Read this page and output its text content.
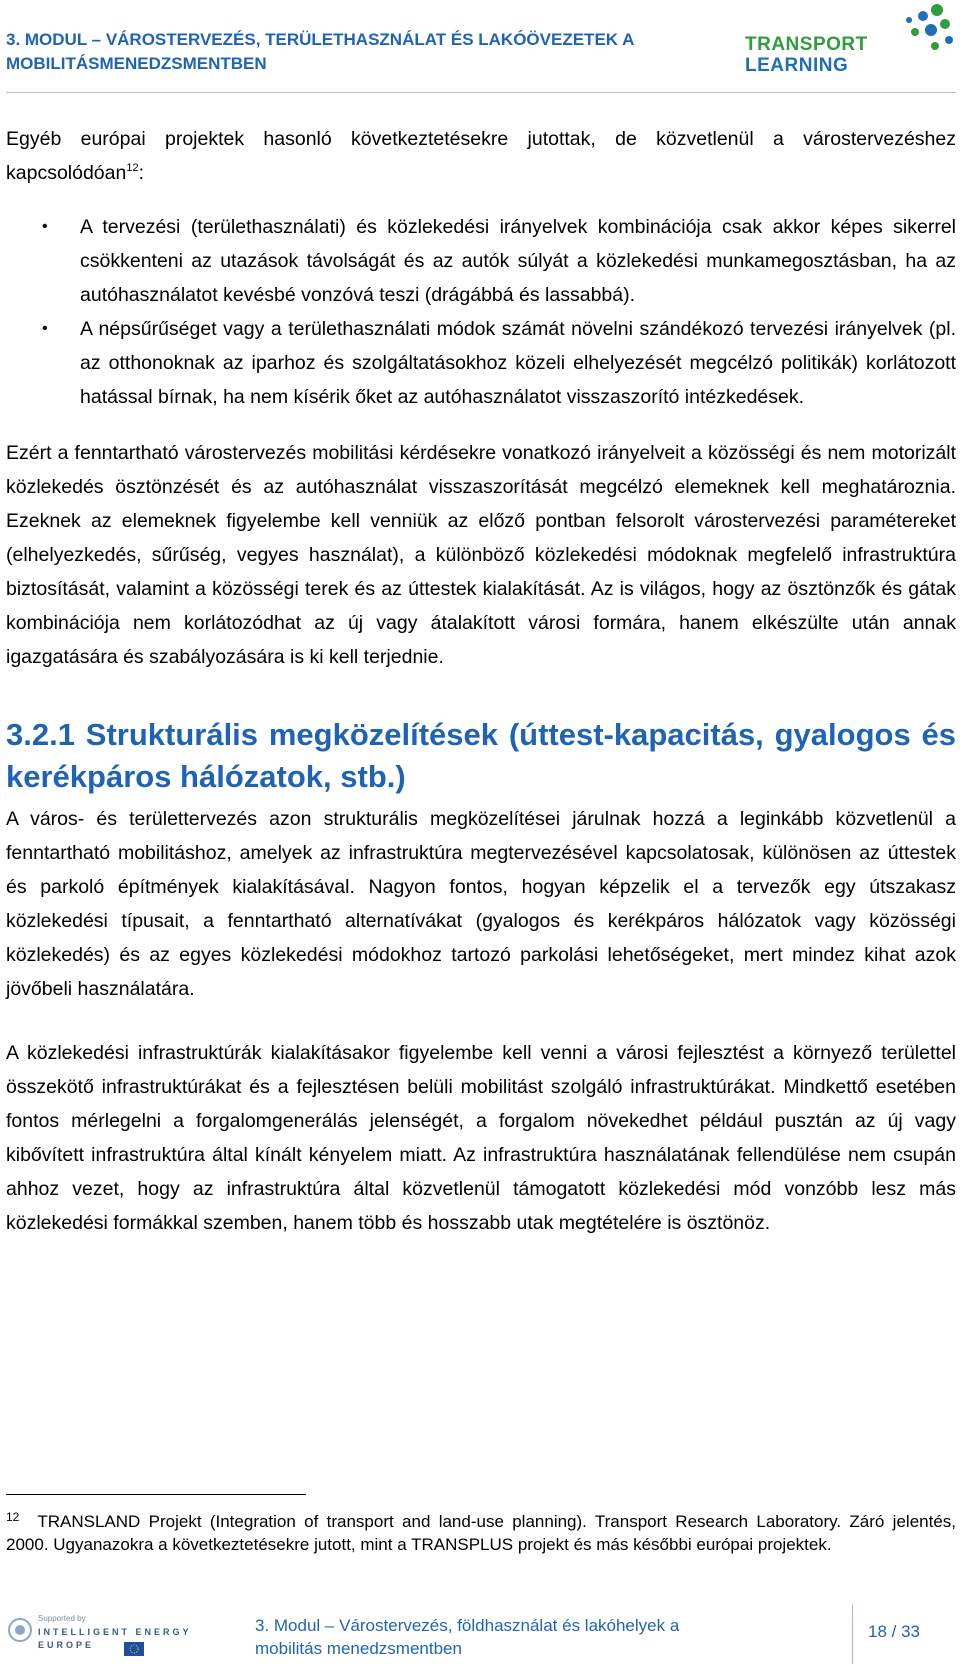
3. MODUL – VÁROSTERVEZÉS, TERÜLETHASZNÁLAT ÉS LAKÓÖVEZETEK A
MOBILITÁSMENEDZSMENTBEN
TRANSPORT
LEARNING

Egyéb európai projektek hasonló következtetésekre jutottak, de közvetlenül a várostervezéshez kapcsolódóan$^{12}$:

• A tervezési (területhasználati) és közlekedési irányelvek kombinációja csak akkor képes sikerrel csökkenteni az utazások távolságát és az autók súlyát a közlekedési munkamegosztásban, ha az autóhasználatot kevésbé vonzóvá teszi (drágábbá és lassabbá).
• A népsűrűséget vagy a területhasználati módok számát növelni szándékozó tervezési irányelvek (pl. az otthonoknak az iparhoz és szolgáltatásokhoz közeli elhelyezését megcélzó politikák) korlátozott hatással bírnak, ha nem kísérik őket az autóhasználatot visszaszorító intézkedések.

Ezért a fenntartható várostervezés mobilitási kérdésekre vonatkozó irányelveit a közösségi és nem motorizált közlekedés ösztönzését és az autóhasználat visszaszorítását megcélzó elemeknek kell meghatároznia. Ezeknek az elemeknek figyelembe kell venniük az előző pontban felsorolt várostervezési paramétereket (elhelyezkedés, sűrűség, vegyes használat), a különböző közlekedési módoknak megfelelő infrastruktúra biztosítását, valamint a közösségi terek és az úttestek kialakítását. Az is világos, hogy az ösztönzők és gátak kombinációja nem korlátozódhat az új vagy átalakított városi formára, hanem elkészülte után annak igazgatására és szabályozására is ki kell terjednie.

3.2.1 Strukturális megközelítések (úttest-kapacitás, gyalogos és kerékpáros hálózatok, stb.)

A város- és területtervezés azon strukturális megközelítései járulnak hozzá a leginkább közvetlenül a fenntartható mobilitáshoz, amelyek az infrastruktúra megtervezésével kapcsolatosak, különösen az úttestek és parkoló építmények kialakításával. Nagyon fontos, hogyan képzelik el a tervezők egy útszakasz közlekedési típusait, a fenntartható alternatívákat (gyalogos és kerékpáros hálózatok vagy közösségi közlekedés) és az egyes közlekedési módokhoz tartozó parkolási lehetőségeket, mert mindez kihat azok jövőbeli használatára.

A közlekedési infrastruktúrák kialakításakor figyelembe kell venni a városi fejlesztést a környező területtel összekötő infrastruktúrákat és a fejlesztésen belüli mobilitást szolgáló infrastruktúrákat. Mindkettő esetében fontos mérlegelni a forgalomgenerálás jelenségét, a forgalom növekedhet például pusztán az új vagy kibővített infrastruktúra által kínált kényelem miatt. Az infrastruktúra használatának fellendülése nem csupán ahhoz vezet, hogy az infrastruktúra által közvetlenül támogatott közlekedési mód vonzóbb lesz más közlekedési formákkal szemben, hanem több és hosszabb utak megtételére is ösztönöz.

$^{12}$ TRANSLAND Projekt (Integration of transport and land-use planning). Transport Research Laboratory. Záró jelentés, 2000. Ugyanazokra a következtetésekre jutott, mint a TRANSPLUS projekt és más későbbi európai projektek.
Supported by
INTELLIGENT ENERGY
EUROPE
3. Modul – Várostervezés, földhasználat és lakóhelyek a
mobilitás menedzsmentben
18 / 33
